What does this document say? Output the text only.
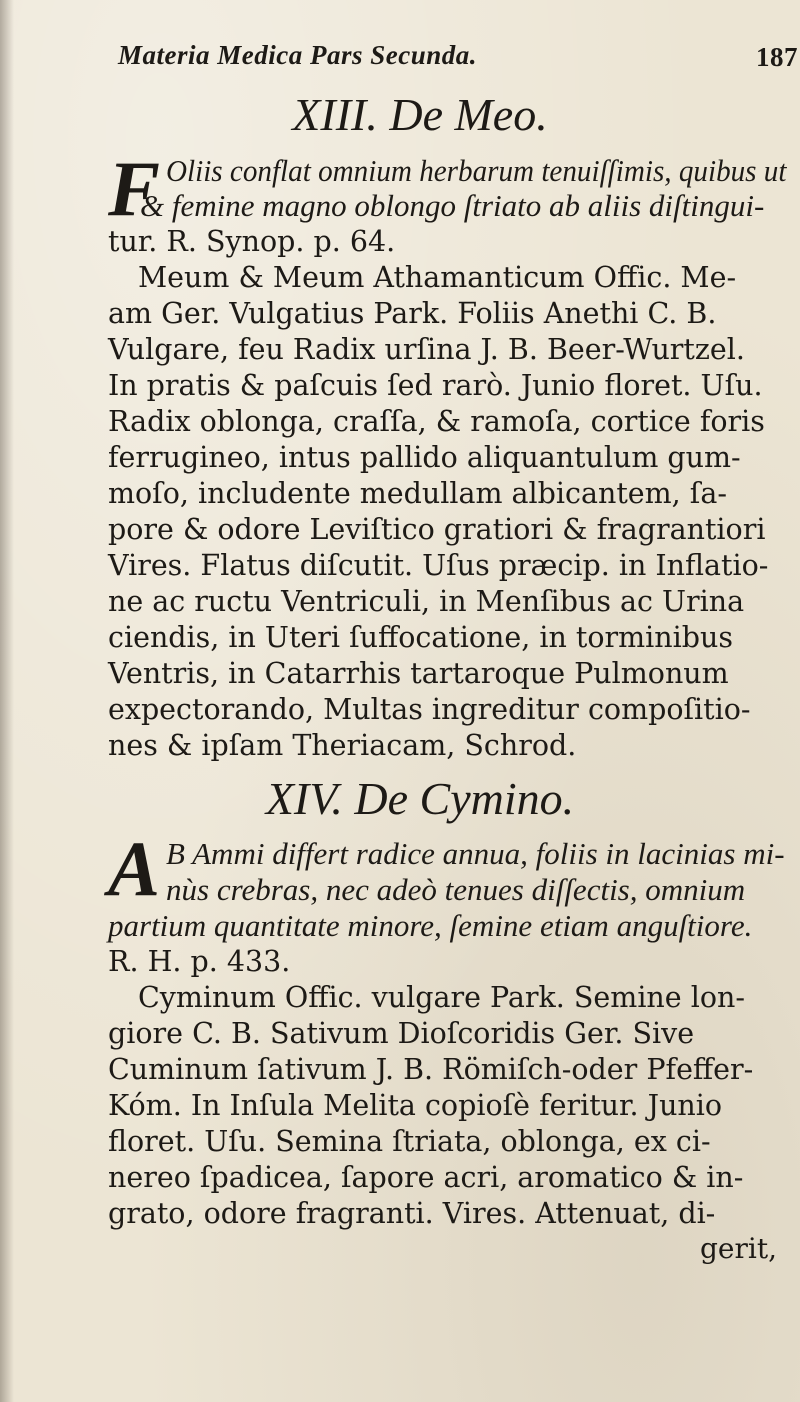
Materia Medica Pars Secunda.	187
XIII. De Meo.
F Oliis conflat omnium herbarum tenuiſſimis, quibus ut
& femine magno oblongo ſtriato ab aliis diſtingui-
tur. R. Synop. p. 64.
Meum & Meum Athamanticum Offic. Me-
am Ger. Vulgatius Park. Foliis Anethi C. B.
Vulgare, feu Radix urſina J. B. Beer-Wurtzel.
In pratis & paſcuis ſed rarò. Junio floret. Uſu.
Radix oblonga, craſſa, & ramoſa, cortice foris
ferrugineo, intus pallido aliquantulum gum-
moſo, includente medullam albicantem, ſa-
pore & odore Leviſtico gratiori & fragrantiori
Vires. Flatus diſcutit. Uſus præcip. in Inflatio-
ne ac ructu Ventriculi, in Menſibus ac Urina
ciendis, in Uteri ſuffocatione, in torminibus
Ventris, in Catarrhis tartaroque Pulmonum
expectorando, Multas ingreditur compoſitio-
nes & ipſam Theriacam, Schrod.
XIV. De Cymino.
A B Ammi differt radice annua, foliis in lacinias mi-
nùs crebras, nec adeò tenues diſſectis, omnium
partium quantitate minore, ſemine etiam anguſtiore.
R. H. p. 433.
Cyminum Offic. vulgare Park. Semine lon-
giore C. B. Sativum Dioſcoridis Ger. Sive
Cuminum ſativum J. B. Römiſch-oder Pfeffer-
Kóm. In Inſula Melita copioſè feritur. Junio
floret. Uſu. Semina ſtriata, oblonga, ex ci-
nereo ſpadicea, ſapore acri, aromatico & in-
grato, odore fragranti. Vires. Attenuat, di-
gerit,
